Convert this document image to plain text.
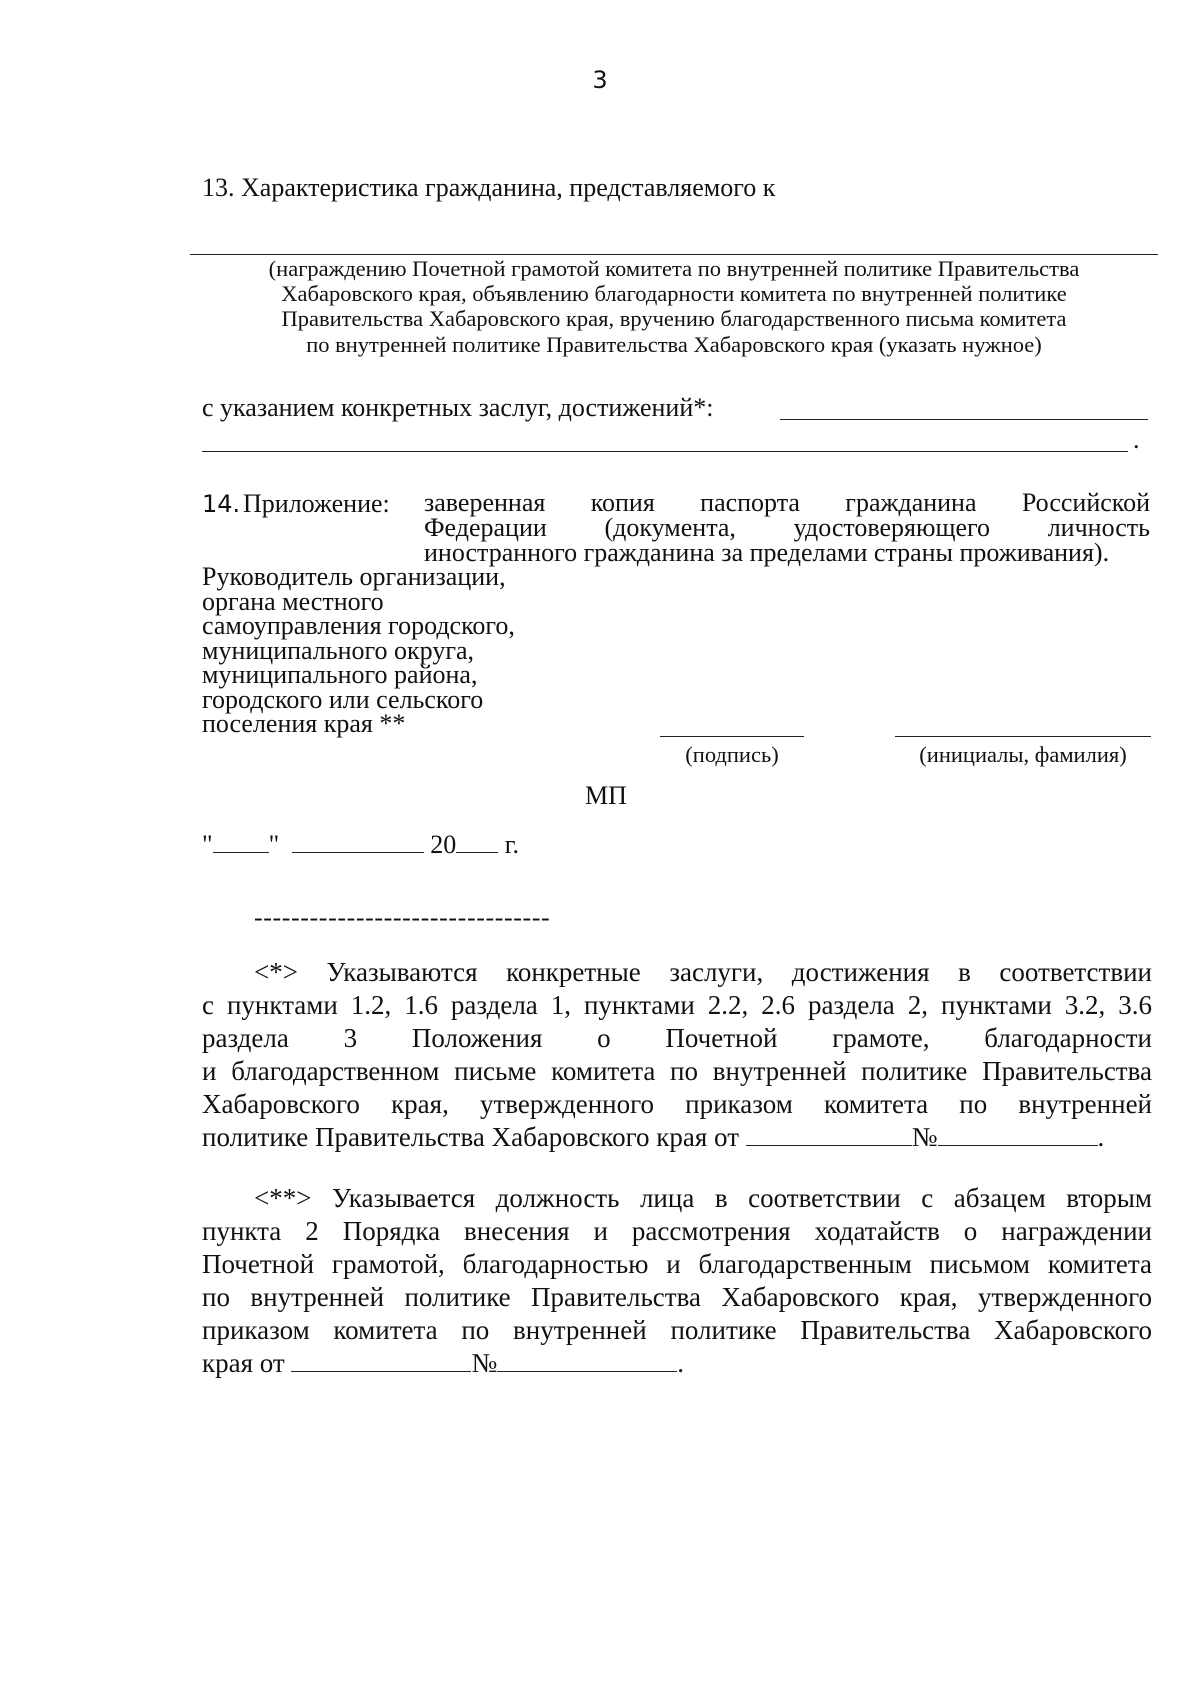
3
13. Характеристика гражданина, представляемого к
(награждению Почетной грамотой комитета по внутренней политике Правительства
Хабаровского края, объявлению благодарности комитета по внутренней политике
Правительства Хабаровского края, вручению благодарственного письма комитета
по внутренней политике Правительства Хабаровского края (указать нужное)
с указанием конкретных заслуг, достижений*:
.
14. Приложение: заверенная копия паспорта гражданина Российской
Федерации (документа, удостоверяющего личность
иностранного гражданина за пределами страны проживания).
Руководитель организации,
органа местного
самоуправления городского,
муниципального округа,
муниципального района,
городского или сельского
поселения края **
(подпись)	(инициалы, фамилия)
МП
" "	20 г.
--------------------------------
<*> Указываются конкретные заслуги, достижения в соответствии
с пунктами 1.2, 1.6 раздела 1, пунктами 2.2, 2.6 раздела 2, пунктами 3.2, 3.6
раздела 3 Положения о Почетной грамоте, благодарности
и благодарственном письме комитета по внутренней политике Правительства
Хабаровского края, утвержденного приказом комитета по внутренней
политике Правительства Хабаровского края от	№	.
<**> Указывается должность лица в соответствии с абзацем вторым
пункта 2 Порядка внесения и рассмотрения ходатайств о награждении
Почетной грамотой, благодарностью и благодарственным письмом комитета
по внутренней политике Правительства Хабаровского края, утвержденного
приказом комитета по внутренней политике Правительства Хабаровского
края от	№	.
